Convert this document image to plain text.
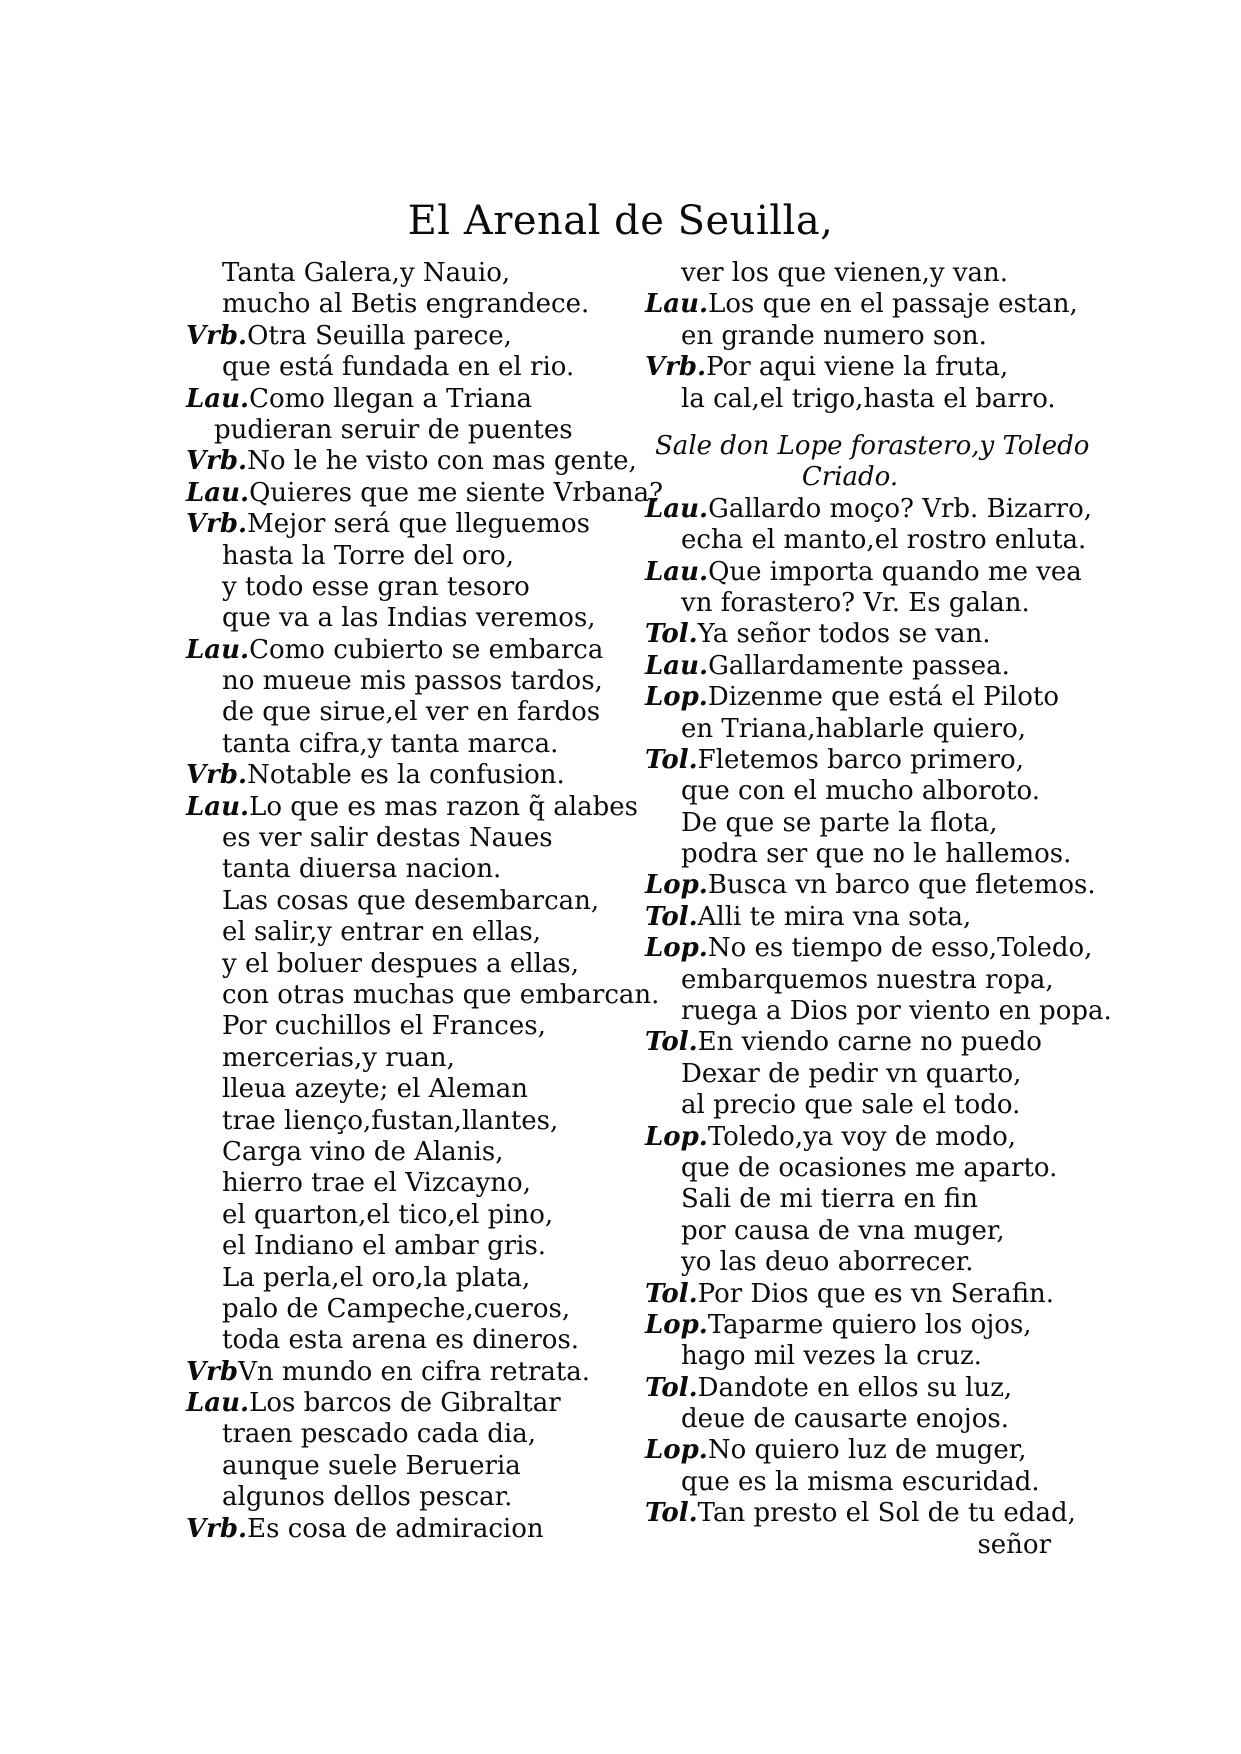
El Arenal de Seuilla,
Tanta Galera,y Nauio,
mucho al Betis engrandece.
Vrb.Otra Seuilla parece,
que está fundada en el rio.
Lau.Como llegan a Triana
pudieran seruir de puentes
Vrb.No le he visto con mas gente,
Lau.Quieres que me siente Vrbana?
Vrb.Mejor será que lleguemos
hasta la Torre del oro,
y todo esse gran tesoro
que va a las Indias veremos,
Lau.Como cubierto se embarca
no mueue mis passos tardos,
de que sirue,el ver en fardos
tanta cifra,y tanta marca.
Vrb.Notable es la confusion.
Lau.Lo que es mas razon q̃ alabes
es ver salir destas Naues
tanta diuersa nacion.
Las cosas que desembarcan,
el salir,y entrar en ellas,
y el boluer despues a ellas,
con otras muchas que embarcan.
Por cuchillos el Frances,
mercerias,y ruan,
lleua azeyte; el Aleman
trae lienço,fustan,llantes,
Carga vino de Alanis,
hierro trae el Vizcayno,
el quarton,el tico,el pino,
el Indiano el ambar gris.
La perla,el oro,la plata,
palo de Campeche,cueros,
toda esta arena es dineros.
VrbVn mundo en cifra retrata.
Lau.Los barcos de Gibraltar
traen pescado cada dia,
aunque suele Berueria
algunos dellos pescar.
Vrb.Es cosa de admiracion
ver los que vienen,y van.
Lau.Los que en el passaje estan,
en grande numero son.
Vrb.Por aqui viene la fruta,
la cal,el trigo,hasta el barro.
Sale don Lope forastero,y Toledo
Criado.
Lau.Gallardo moço? Vrb. Bizarro,
echa el manto,el rostro enluta.
Lau.Que importa quando me vea
vn forastero? Vr. Es galan.
Tol.Ya señor todos se van.
Lau.Gallardamente passea.
Lop.Dizenme que está el Piloto
en Triana,hablarle quiero,
Tol.Fletemos barco primero,
que con el mucho alboroto.
De que se parte la flota,
podra ser que no le hallemos.
Lop.Busca vn barco que fletemos.
Tol.Alli te mira vna sota,
Lop.No es tiempo de esso,Toledo,
embarquemos nuestra ropa,
ruega a Dios por viento en popa.
Tol.En viendo carne no puedo
Dexar de pedir vn quarto,
al precio que sale el todo.
Lop.Toledo,ya voy de modo,
que de ocasiones me aparto.
Sali de mi tierra en fin
por causa de vna muger,
yo las deuo aborrecer.
Tol.Por Dios que es vn Serafin.
Lop.Taparme quiero los ojos,
hago mil vezes la cruz.
Tol.Dandote en ellos su luz,
deue de causarte enojos.
Lop.No quiero luz de muger,
que es la misma escuridad.
Tol.Tan presto el Sol de tu edad,
señor
